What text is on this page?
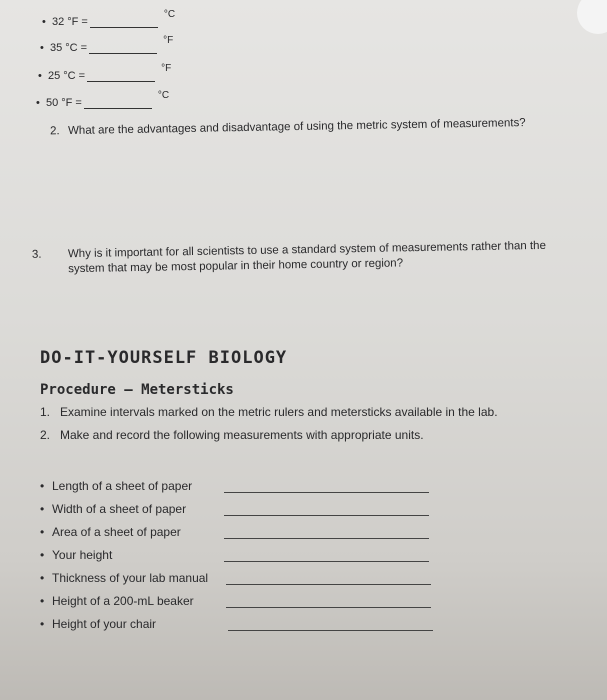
• 32 °F =
°C
• 35 °C =
°F
• 25 °C =
°F
• 50 °F =
°C
2. What are the advantages and disadvantage of using the metric system of measurements?
3. Why is it important for all scientists to use a standard system of measurements rather than the system that may be most popular in their home country or region?
DO-IT-YOURSELF BIOLOGY
Procedure – Metersticks
1. Examine intervals marked on the metric rulers and metersticks available in the lab.
2. Make and record the following measurements with appropriate units.
• Length of a sheet of paper
• Width of a sheet of paper
• Area of a sheet of paper
• Your height
• Thickness of your lab manual
• Height of a 200-mL beaker
• Height of your chair
